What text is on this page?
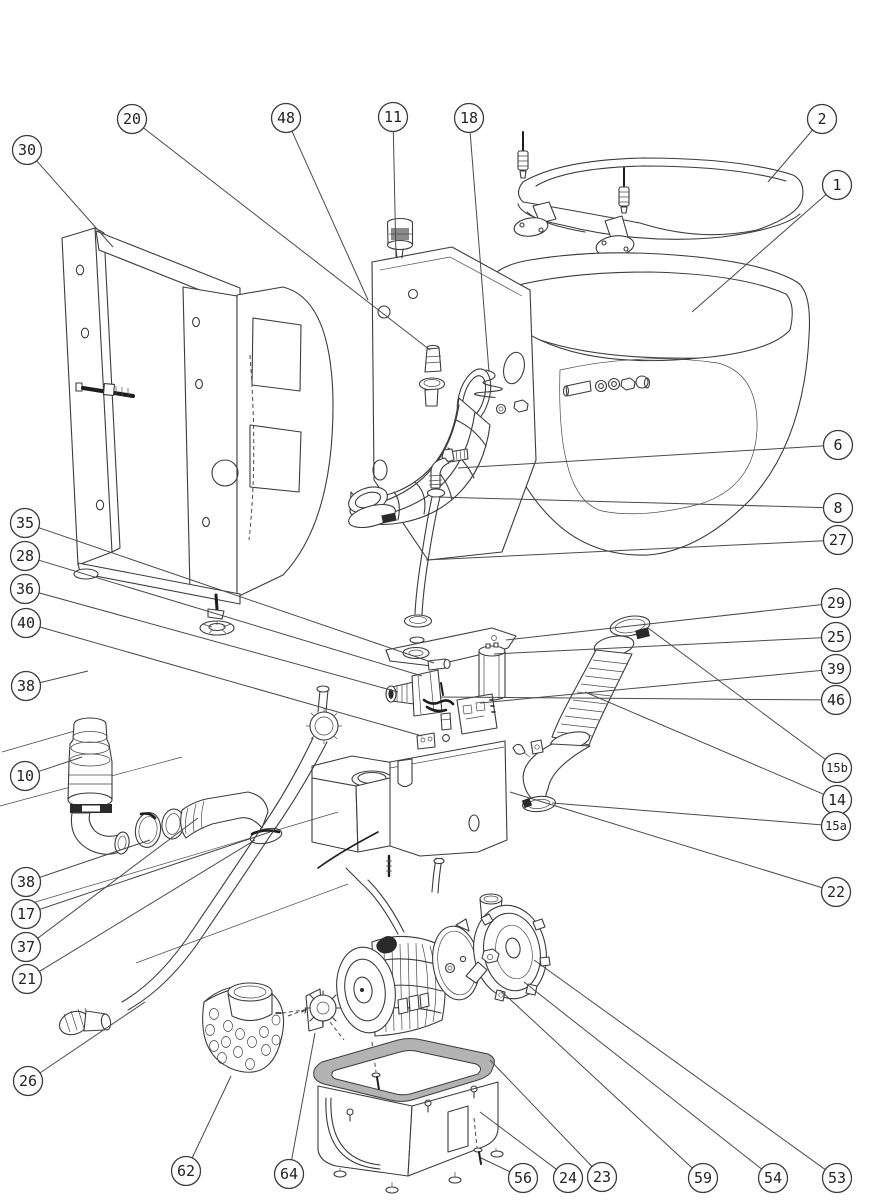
30
20	48	11	18	2
1
6
8
27
29
25
39
46
15b
14
15a
22
35
28
36
40
38
10
38
17
37
21
26
62	64	56 24 23	59	54	53
